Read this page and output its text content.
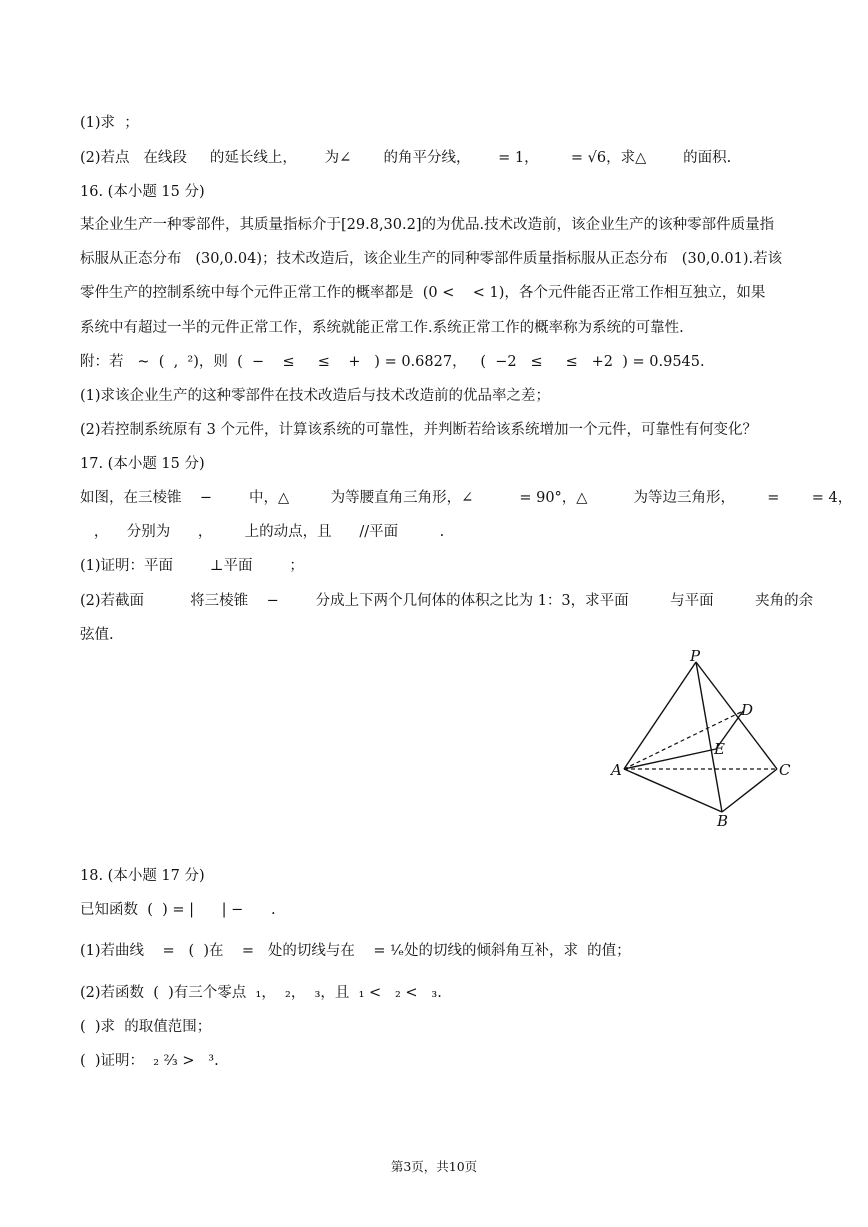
(1)求  ；
(2)若点   在线段     的延长线上，      为∠       的角平分线，      = 1，       = √6，求△        的面积.
16. (本小题 15 分)
某企业生产一种零部件，其质量指标介于[29.8,30.2]的为优品.技术改造前，该企业生产的该种零部件质量指
标服从正态分布   (30,0.04)；技术改造后，该企业生产的同种零部件质量指标服从正态分布   (30,0.01).若该
零件生产的控制系统中每个元件正常工作的概率都是  (0 <    < 1)，各个元件能否正常工作相互独立，如果
系统中有超过一半的元件正常工作，系统就能正常工作.系统正常工作的概率称为系统的可靠性.
附：若   ~  (  ,  ²)，则  (  −    ≤     ≤    +   ) = 0.6827，   (  −2   ≤     ≤   +2  ) = 0.9545.
(1)求该企业生产的这种零部件在技术改造后与技术改造前的优品率之差；
(2)若控制系统原有 3 个元件，计算该系统的可靠性，并判断若给该系统增加一个元件，可靠性有何变化？
17. (本小题 15 分)
如图，在三棱锥    −        中，△         为等腰直角三角形，∠          = 90°，△          为等边三角形，       =       = 4，
，    分别为      ，       上的动点，且      //平面         .
(1)证明：平面        ⊥平面        ；
(2)若截面          将三棱锥    −        分成上下两个几何体的体积之比为 1：3，求平面         与平面         夹角的余
弦值.
P
D
E
A	C
B
18. (本小题 17 分)
已知函数  (  ) = |      | −      .
(1)若曲线    =   (  )在    =   处的切线与在    = ¹⁄ₑ处的切线的倾斜角互补，求  的值；
(2)若函数  (  )有三个零点  ₁，  ₂，  ₃，且  ₁ <   ₂ <   ₃.
(  )求  的取值范围；
(  )证明：  ₂ ²⁄₃ >   ³.
第3页，共10页
